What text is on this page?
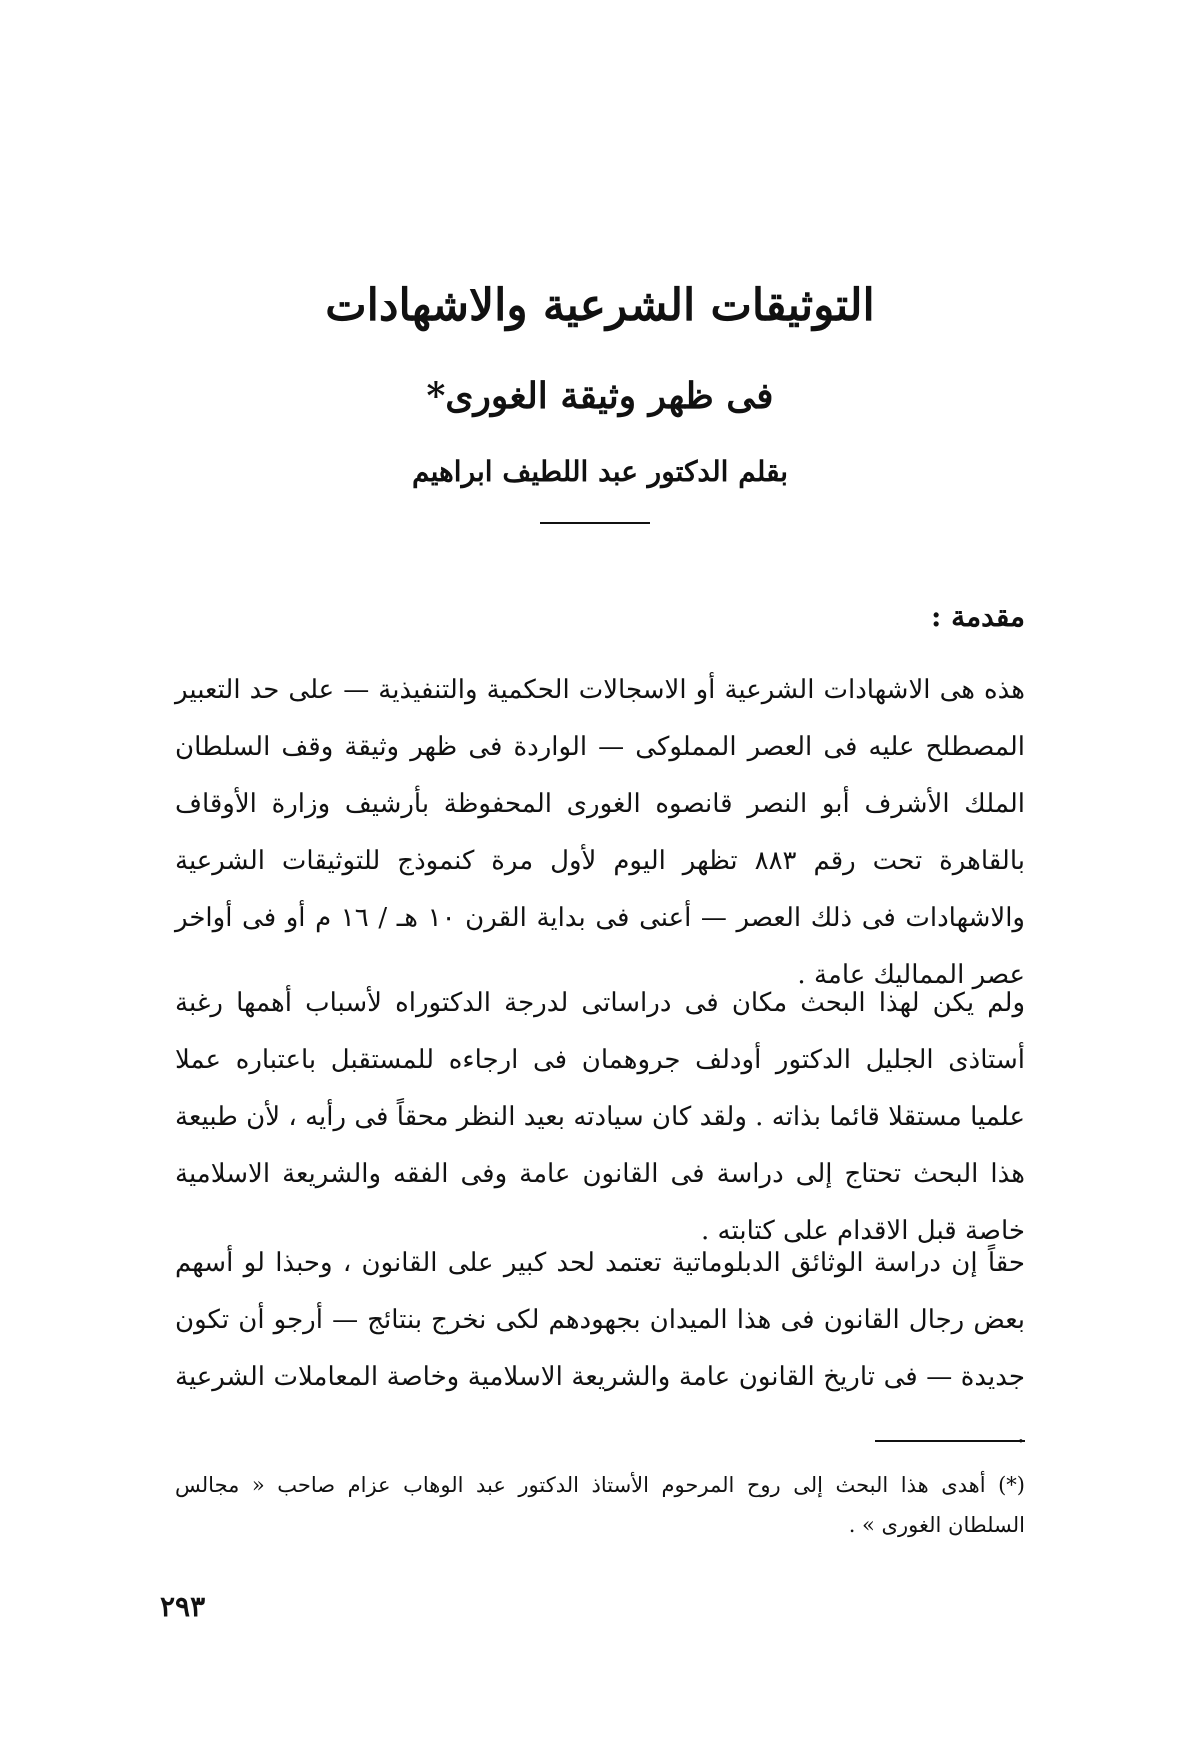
التوثيقات الشرعية والاشهادات
فى ظهر وثيقة الغورى*
بقلم الدكتور عبد اللطيف ابراهيم
مقدمة :
هذه هى الاشهادات الشرعية أو الاسجالات الحكمية والتنفيذية — على حد التعبير المصطلح عليه فى العصر المملوكى — الواردة فى ظهر وثيقة وقف السلطان الملك الأشرف أبو النصر قانصوه الغورى المحفوظة بأرشيف وزارة الأوقاف بالقاهرة تحت رقم ٨٨٣ تظهر اليوم لأول مرة كنموذج للتوثيقات الشرعية والاشهادات فى ذلك العصر — أعنى فى بداية القرن ١٠ هـ / ١٦ م أو فى أواخر عصر المماليك عامة .
ولم يكن لهذا البحث مكان فى دراساتى لدرجة الدكتوراه لأسباب أهمها رغبة أستاذى الجليل الدكتور أودلف جروهمان فى ارجاءه للمستقبل باعتباره عملا علميا مستقلا قائما بذاته . ولقد كان سيادته بعيد النظر محقاً فى رأيه ، لأن طبيعة هذا البحث تحتاج إلى دراسة فى القانون عامة وفى الفقه والشريعة الاسلامية خاصة قبل الاقدام على كتابته .
حقاً إن دراسة الوثائق الدبلوماتية تعتمد لحد كبير على القانون ، وحبذا لو أسهم بعض رجال القانون فى هذا الميدان بجهودهم لكى نخرج بنتائج — أرجو أن تكون جديدة — فى تاريخ القانون عامة والشريعة الاسلامية وخاصة المعاملات الشرعية .
(*) أهدى هذا البحث إلى روح المرحوم الأستاذ الدكتور عبد الوهاب عزام صاحب « مجالس السلطان الغورى » .
٢٩٣
